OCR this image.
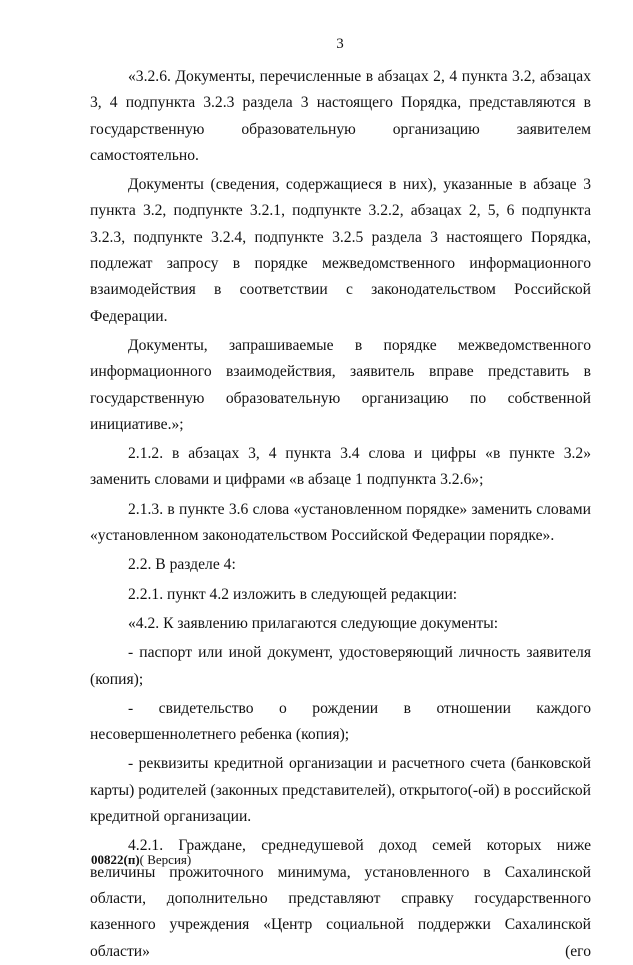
3

«3.2.6. Документы, перечисленные в абзацах 2, 4 пункта 3.2, абзацах 3, 4 подпункта 3.2.3 раздела 3 настоящего Порядка, представляются в государственную образовательную организацию заявителем самостоятельно.

Документы (сведения, содержащиеся в них), указанные в абзаце 3 пункта 3.2, подпункте 3.2.1, подпункте 3.2.2, абзацах 2, 5, 6 подпункта 3.2.3, подпункте 3.2.4, подпункте 3.2.5 раздела 3 настоящего Порядка, подлежат запросу в порядке межведомственного информационного взаимодействия в соответствии с законодательством Российской Федерации.

Документы, запрашиваемые в порядке межведомственного информационного взаимодействия, заявитель вправе представить в государственную образовательную организацию по собственной инициативе.»;

2.1.2. в абзацах 3, 4 пункта 3.4 слова и цифры «в пункте 3.2» заменить словами и цифрами «в абзаце 1 подпункта 3.2.6»;

2.1.3. в пункте 3.6 слова «установленном порядке» заменить словами «установленном законодательством Российской Федерации порядке».

2.2. В разделе 4:

2.2.1. пункт 4.2 изложить в следующей редакции:

«4.2. К заявлению прилагаются следующие документы:

- паспорт или иной документ, удостоверяющий личность заявителя (копия);

- свидетельство о рождении в отношении каждого несовершеннолетнего ребенка (копия);

- реквизиты кредитной организации и расчетного счета (банковской карты) родителей (законных представителей), открытого(-ой) в российской кредитной организации.

4.2.1. Граждане, среднедушевой доход семей которых ниже величины прожиточного минимума, установленного в Сахалинской области, дополнительно представляют справку государственного казенного учреждения «Центр социальной поддержки Сахалинской области» (его

00822(п)( Версия)
